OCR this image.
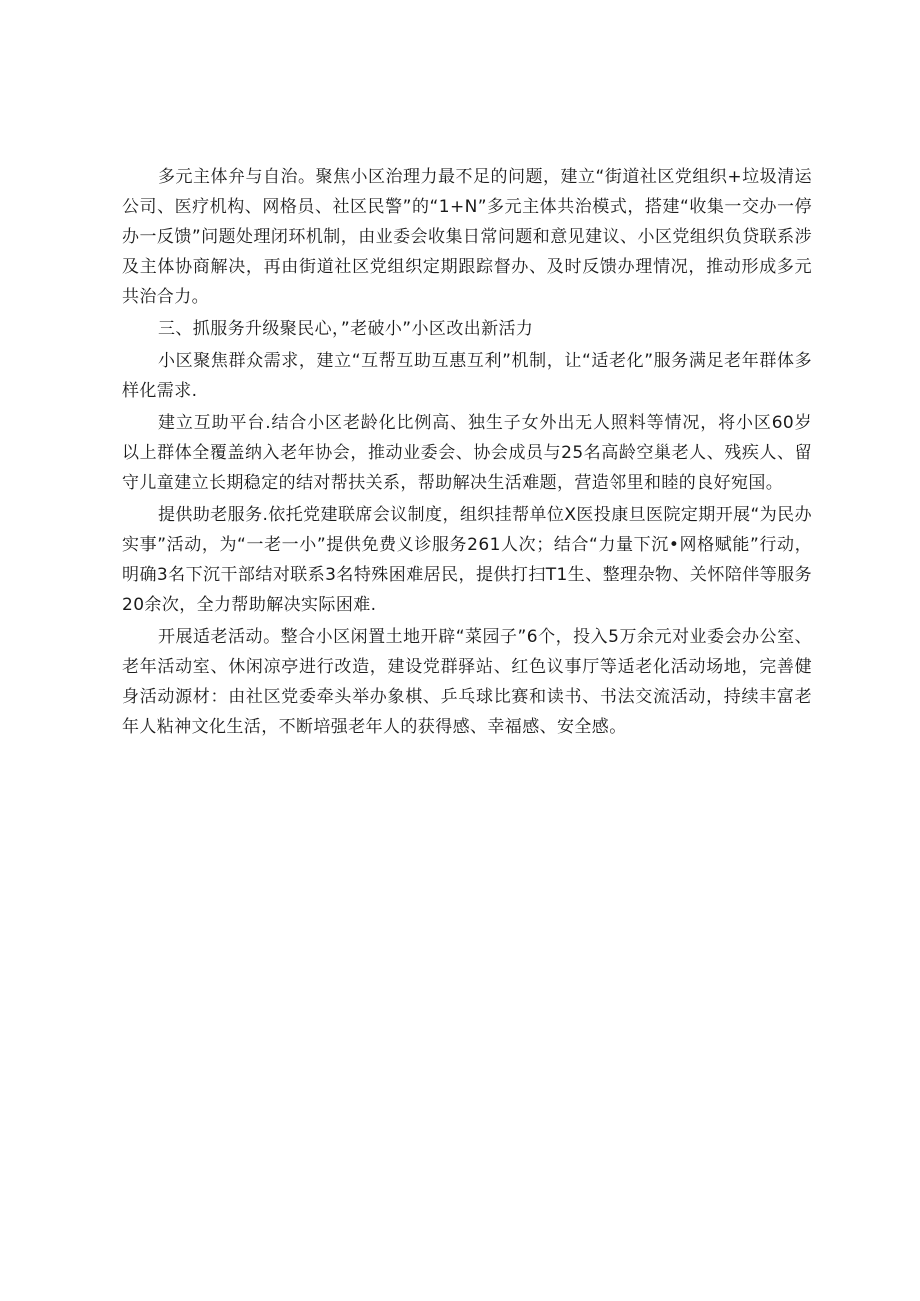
多元主体弁与自治。聚焦小区治理力最不足的问题，建立“街道社区党组织+垃圾清运公司、医疗机构、网格员、社区民警”的“1+N”多元主体共治模式，搭建“收集一交办一停办一反馈”问题处理闭环机制，由业委会收集日常问题和意见建议、小区党组织负贷联系涉及主体协商解决，再由街道社区党组织定期跟踪督办、及时反馈办理情况，推动形成多元共治合力。

三、抓服务升级聚民心，”老破小”小区改出新活力

小区聚焦群众需求，建立“互帮互助互惠互利”机制，让“适老化”服务满足老年群体多样化需求.

建立互助平台.结合小区老龄化比例高、独生子女外出无人照料等情况，将小区60岁以上群体全覆盖纳入老年协会，推动业委会、协会成员与25名高龄空巢老人、残疾人、留守儿童建立长期稳定的结对帮扶关系，帮助解决生活难题，营造邻里和睦的良好宛国。

提供助老服务.依托党建联席会议制度，组织挂帮单位X医投康旦医院定期开展“为民办实事”活动，为“一老一小”提供免费义诊服务261人次；结合“力量下沉•网格赋能”行动，明确3名下沉干部结对联系3名特殊困难居民，提供打扫T1生、整理杂物、关怀陪伴等服务20余次，全力帮助解决实际困难.

开展适老活动。整合小区闲置土地开辟“菜园子”6个，投入5万余元对业委会办公室、老年活动室、休闲凉亭进行改造，建设党群驿站、红色议事厅等适老化活动场地，完善健身活动源材：由社区党委牵头举办象棋、乒乓球比赛和读书、书法交流活动，持续丰富老年人粘神文化生活，不断培强老年人的获得感、幸福感、安全感。
